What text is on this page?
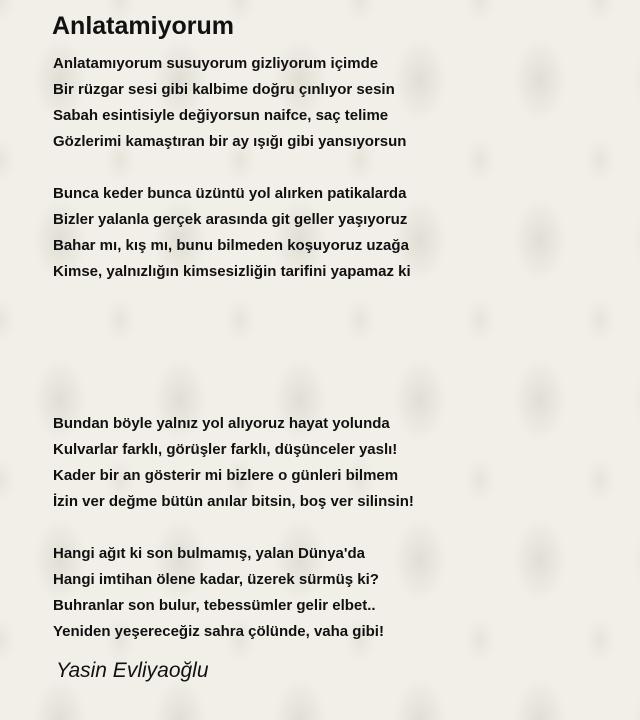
Anlatamiyorum
Anlatamıyorum susuyorum gizliyorum içimde
Bir rüzgar sesi gibi kalbime doğru çınlıyor sesin
Sabah esintisiyle değiyorsun naifce, saç telime
Gözlerimi kamaştıran bir ay ışığı gibi yansıyorsun
Bunca keder bunca üzüntü yol alırken patikalarda
Bizler yalanla gerçek arasında git geller yaşıyoruz
Bahar mı, kış mı, bunu bilmeden koşuyoruz uzağa
Kimse, yalnızlığın kimsesizliğin tarifini yapamaz ki
Bundan böyle yalnız yol alıyoruz hayat yolunda
Kulvarlar farklı, görüşler farklı, düşünceler yaslı!
Kader bir an gösterir mi bizlere o günleri bilmem
İzin ver değme bütün anılar bitsin, boş ver silinsin!
Hangi ağıt ki son bulmamış, yalan Dünya'da
Hangi imtihan ölene kadar, üzerek sürmüş ki?
Buhranlar son bulur, tebessümler gelir elbet..
Yeniden yeşereceğiz sahra çölünde, vaha gibi!

Yasin Evliyaoğlu
